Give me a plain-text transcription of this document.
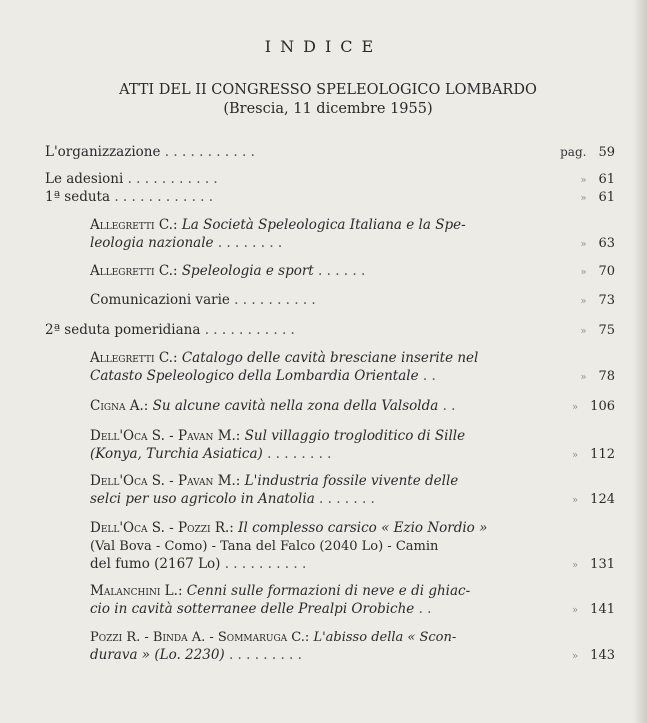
INDICE
ATTI DEL II CONGRESSO SPELEOLOGICO LOMBARDO
(Brescia, 11 dicembre 1955)
L'organizzazione . . . . . . . . . . .	pag. 59
Le adesioni . . . . . . . . . . .	» 61
1ª seduta . . . . . . . . . . . .	» 61
Allegretti C.: La Società Speleologica Italiana e la Spe-
leologia nazionale . . . . . . . .	» 63
Allegretti C.: Speleologia e sport . . . . . .	» 70
Comunicazioni varie . . . . . . . . . .	» 73
2ª seduta pomeridiana . . . . . . . . . . .	» 75
Allegretti C.: Catalogo delle cavità bresciane inserite nel
Catasto Speleologico della Lombardia Orientale . .	» 78
Cigna A.: Su alcune cavità nella zona della Valsolda . .	» 106
Dell'Oca S. - Pavan M.: Sul villaggio trogloditico di Sille
(Konya, Turchia Asiatica) . . . . . . . .	» 112
Dell'Oca S. - Pavan M.: L'industria fossile vivente delle
selci per uso agricolo in Anatolia . . . . . . .	» 124
Dell'Oca S. - Pozzi R.: Il complesso carsico « Ezio Nordio »
(Val Bova - Como) - Tana del Falco (2040 Lo) - Camin
del fumo (2167 Lo) . . . . . . . . . .	» 131
Malanchini L.: Cenni sulle formazioni di neve e di ghiac-
cio in cavità sotterranee delle Prealpi Orobiche . .	» 141
Pozzi R. - Binda A. - Sommaruga C.: L'abisso della « Scon-
durava » (Lo. 2230) . . . . . . . . .	» 143
